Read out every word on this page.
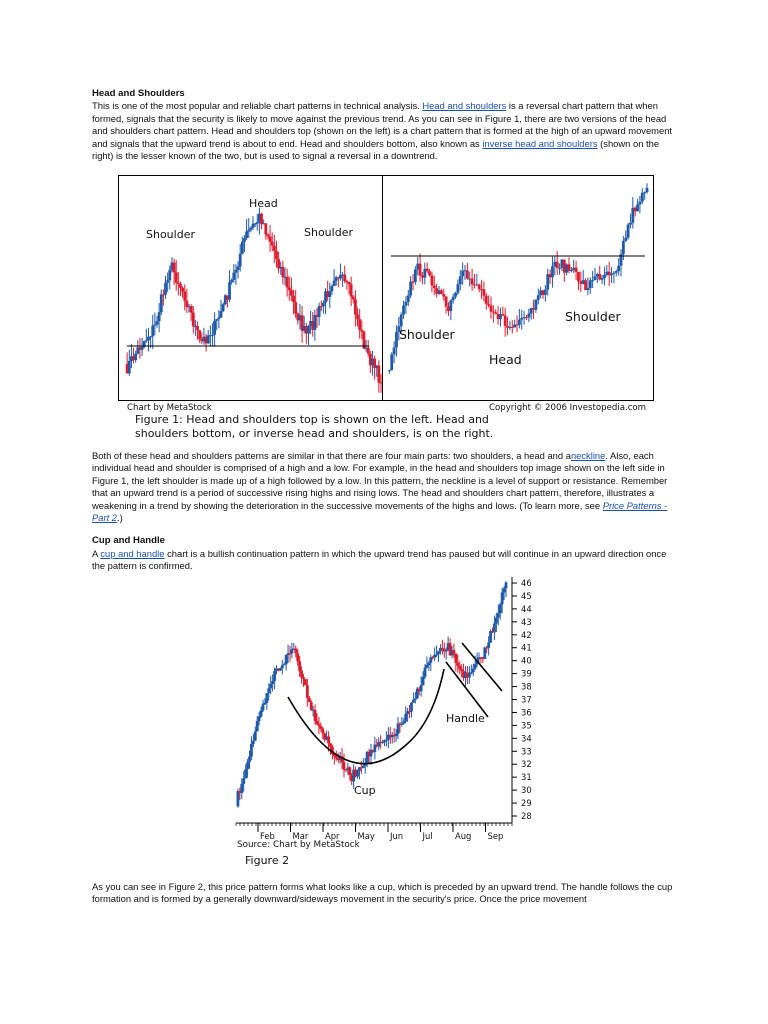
Head and Shoulders

This is one of the most popular and reliable chart patterns in technical analysis. Head and shoulders is a reversal chart pattern that when formed, signals that the security is likely to move against the previous trend. As you can see in Figure 1, there are two versions of the head and shoulders chart pattern. Head and shoulders top (shown on the left) is a chart pattern that is formed at the high of an upward movement and signals that the upward trend is about to end. Head and shoulders bottom, also known as inverse head and shoulders (shown on the right) is the lesser known of the two, but is used to signal a reversal in a downtrend.

Head
Shoulder	Shoulder
Shoulder
Shoulder
Head
Chart by MetaStock	Copyright © 2006 Investopedia.com
Figure 1: Head and shoulders top is shown on the left. Head and shoulders bottom, or inverse head and shoulders, is on the right.

Both of these head and shoulders patterns are similar in that there are four main parts: two shoulders, a head and aneckline. Also, each individual head and shoulder is comprised of a high and a low. For example, in the head and shoulders top image shown on the left side in Figure 1, the left shoulder is made up of a high followed by a low. In this pattern, the neckline is a level of support or resistance. Remember that an upward trend is a period of successive rising highs and rising lows. The head and shoulders chart pattern, therefore, illustrates a weakening in a trend by showing the deterioration in the successive movements of the highs and lows. (To learn more, see Price Patterns - Part 2.)

Cup and Handle

A cup and handle chart is a bullish continuation pattern in which the upward trend has paused but will continue in an upward direction once the pattern is confirmed.

28
29
30
31
32
33
34
35
36
37
38
39
40
41
42
43
44
45
46
Feb Mar Apr May Jun Jul	Aug Sep
Cup
Handle
Source: Chart by MetaStock
Figure 2

As you can see in Figure 2, this price pattern forms what looks like a cup, which is preceded by an upward trend. The handle follows the cup formation and is formed by a generally downward/sideways movement in the security's price. Once the price movement
